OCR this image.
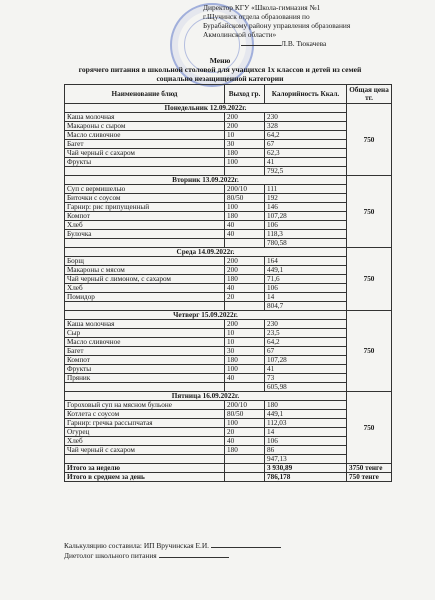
Директор КГУ «Школа-гимназия №1
г.Щучинск отдела образования по
Бурабайскому району управления образования
Акмолинской области»
Л.В. Тюкачева
Меню
горячего питания в школьной столовой для учащихся 1х классов и детей из семей
социально незащищенной категории
Наименование блюд	Выход гр.	Калорийность Ккал.	Общая цена тг.
Понедельник 12.09.2022г.			750
Каша молочная	200	230	
Макароны с сыром	200	328	
Масло сливочное	10	64,2	
Багет	30	67	
Чай черный с сахаром	180	62,3	
Фрукты	100	41	
		792,5	
Вторник 13.09.2022г.			750
Суп с вермишелью	200/10	111	
Биточки с соусом	80/50	192	
Гарнир: рис припущенный	100	146	
Компот	180	107,28	
Хлеб	40	106	
Булочка	40	118,3	
		780,58	
Среда 14.09.2022г.			750
Борщ	200	164	
Макароны с мясом	200	449,1	
Чай черный с лимоном, с сахаром	180	71,6	
Хлеб	40	106	
Помидор	20	14	
		804,7	
Четверг 15.09.2022г.			750
Каша молочная	200	230	
Сыр	10	23,5	
Масло сливочное	10	64,2	
Багет	30	67	
Компот	180	107,28	
Фрукты	100	41	
Пряник	40	73	
		605,98	
Пятница 16.09.2022г.			750
Гороховый суп на мясном бульоне	200/10	180	
Котлета с соусом	80/50	449,1	
Гарнир: гречка рассыпчатая	100	112,03	
Огурец	20	14	
Хлеб	40	106	
Чай черный с сахаром	180	86	
		947,13	
Итого за неделю		3 930,89	3750 тенге
Итого в среднем за день		786,178	750 тенге
Калькуляцию составила: ИП Вручинская Е.И.
Диетолог школьного питания
